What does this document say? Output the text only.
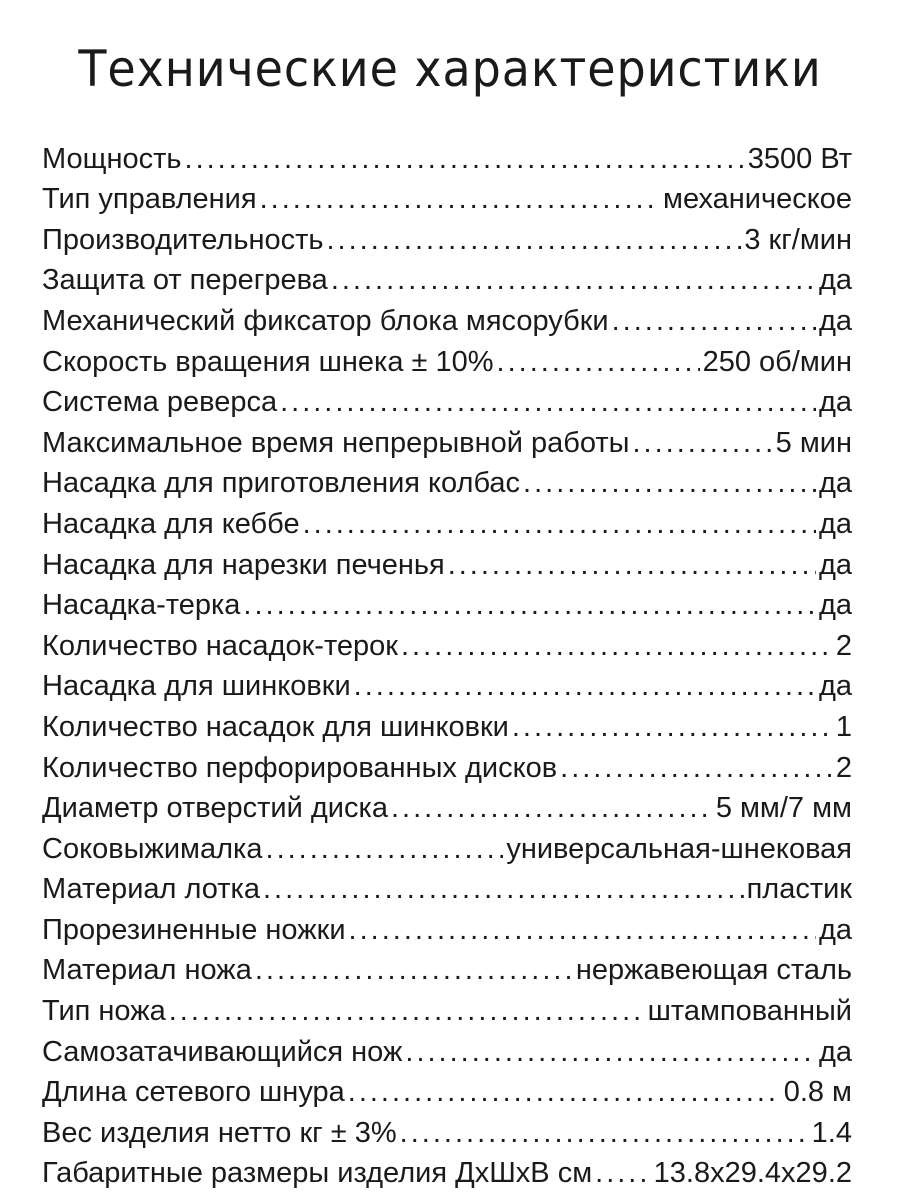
Технические характеристики
Мощность .....	3500 Вт
Тип управления .....	механическое
Производительность .....	3 кг/мин
Защита от перегрева .....	да
Механический фиксатор блока мясорубки .....	да
Скорость вращения шнека ± 10% .....	250 об/мин
Система реверса .....	да
Максимальное время непрерывной работы .....	5 мин
Насадка для приготовления колбас .....	да
Насадка для кеббе .....	да
Насадка для нарезки печенья .....	да
Насадка-терка .....	да
Количество насадок-терок .....	2
Насадка для шинковки .....	да
Количество насадок для шинковки .....	1
Количество перфорированных дисков .....	2
Диаметр отверстий диска .....	5 мм/7 мм
Соковыжималка .....	универсальная-шнековая
Материал лотка .....	пластик
Прорезиненные ножки .....	да
Материал ножа .....	нержавеющая сталь
Тип ножа .....	штампованный
Самозатачивающийся нож .....	да
Длина сетевого шнура .....	0.8 м
Вес изделия нетто кг ± 3% .....	1.4
Габаритные размеры изделия ДхШхВ см ..... 13.8х29.4х29.2
